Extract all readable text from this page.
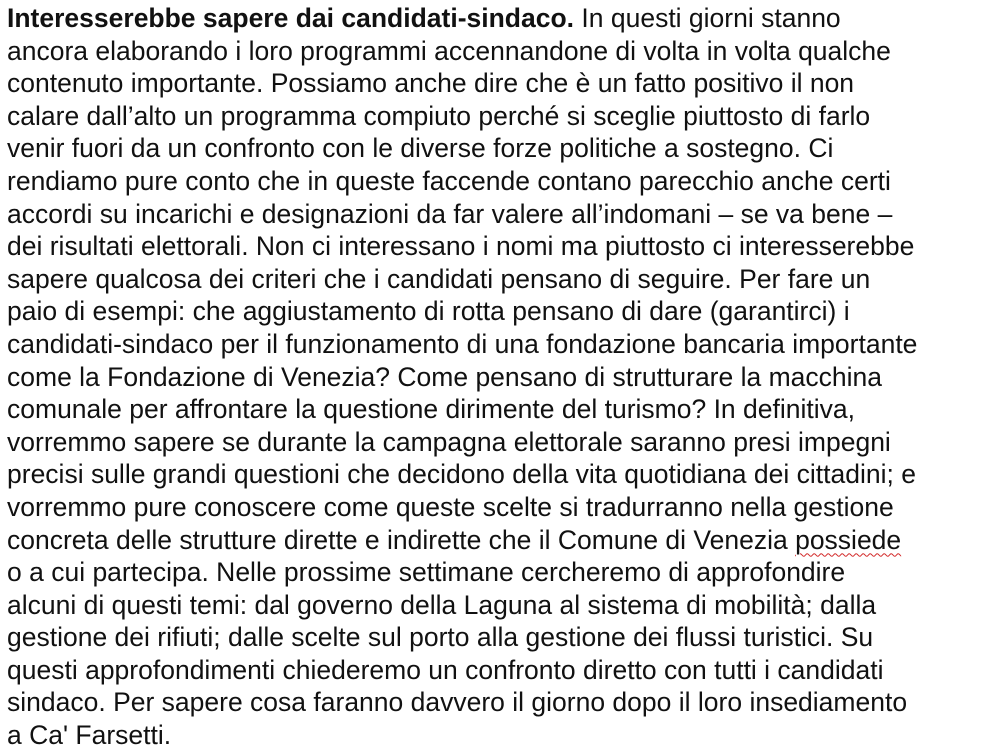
Interesserebbe sapere dai candidati-sindaco. In questi giorni stanno
ancora elaborando i loro programmi accennandone di volta in volta qualche
contenuto importante. Possiamo anche dire che è un fatto positivo il non
calare dall’alto un programma compiuto perché si sceglie piuttosto di farlo
venir fuori da un confronto con le diverse forze politiche a sostegno. Ci
rendiamo pure conto che in queste faccende contano parecchio anche certi
accordi su incarichi e designazioni da far valere all’indomani – se va bene –
dei risultati elettorali. Non ci interessano i nomi ma piuttosto ci interesserebbe
sapere qualcosa dei criteri che i candidati pensano di seguire. Per fare un
paio di esempi: che aggiustamento di rotta pensano di dare (garantirci) i
candidati-sindaco per il funzionamento di una fondazione bancaria importante
come la Fondazione di Venezia? Come pensano di strutturare la macchina
comunale per affrontare la questione dirimente del turismo? In definitiva,
vorremmo sapere se durante la campagna elettorale saranno presi impegni
precisi sulle grandi questioni che decidono della vita quotidiana dei cittadini; e
vorremmo pure conoscere come queste scelte si tradurranno nella gestione
concreta delle strutture dirette e indirette che il Comune di Venezia possiede
o a cui partecipa. Nelle prossime settimane cercheremo di approfondire
alcuni di questi temi: dal governo della Laguna al sistema di mobilità; dalla
gestione dei rifiuti; dalle scelte sul porto alla gestione dei flussi turistici. Su
questi approfondimenti chiederemo un confronto diretto con tutti i candidati
sindaco. Per sapere cosa faranno davvero il giorno dopo il loro insediamento
a Ca' Farsetti.
